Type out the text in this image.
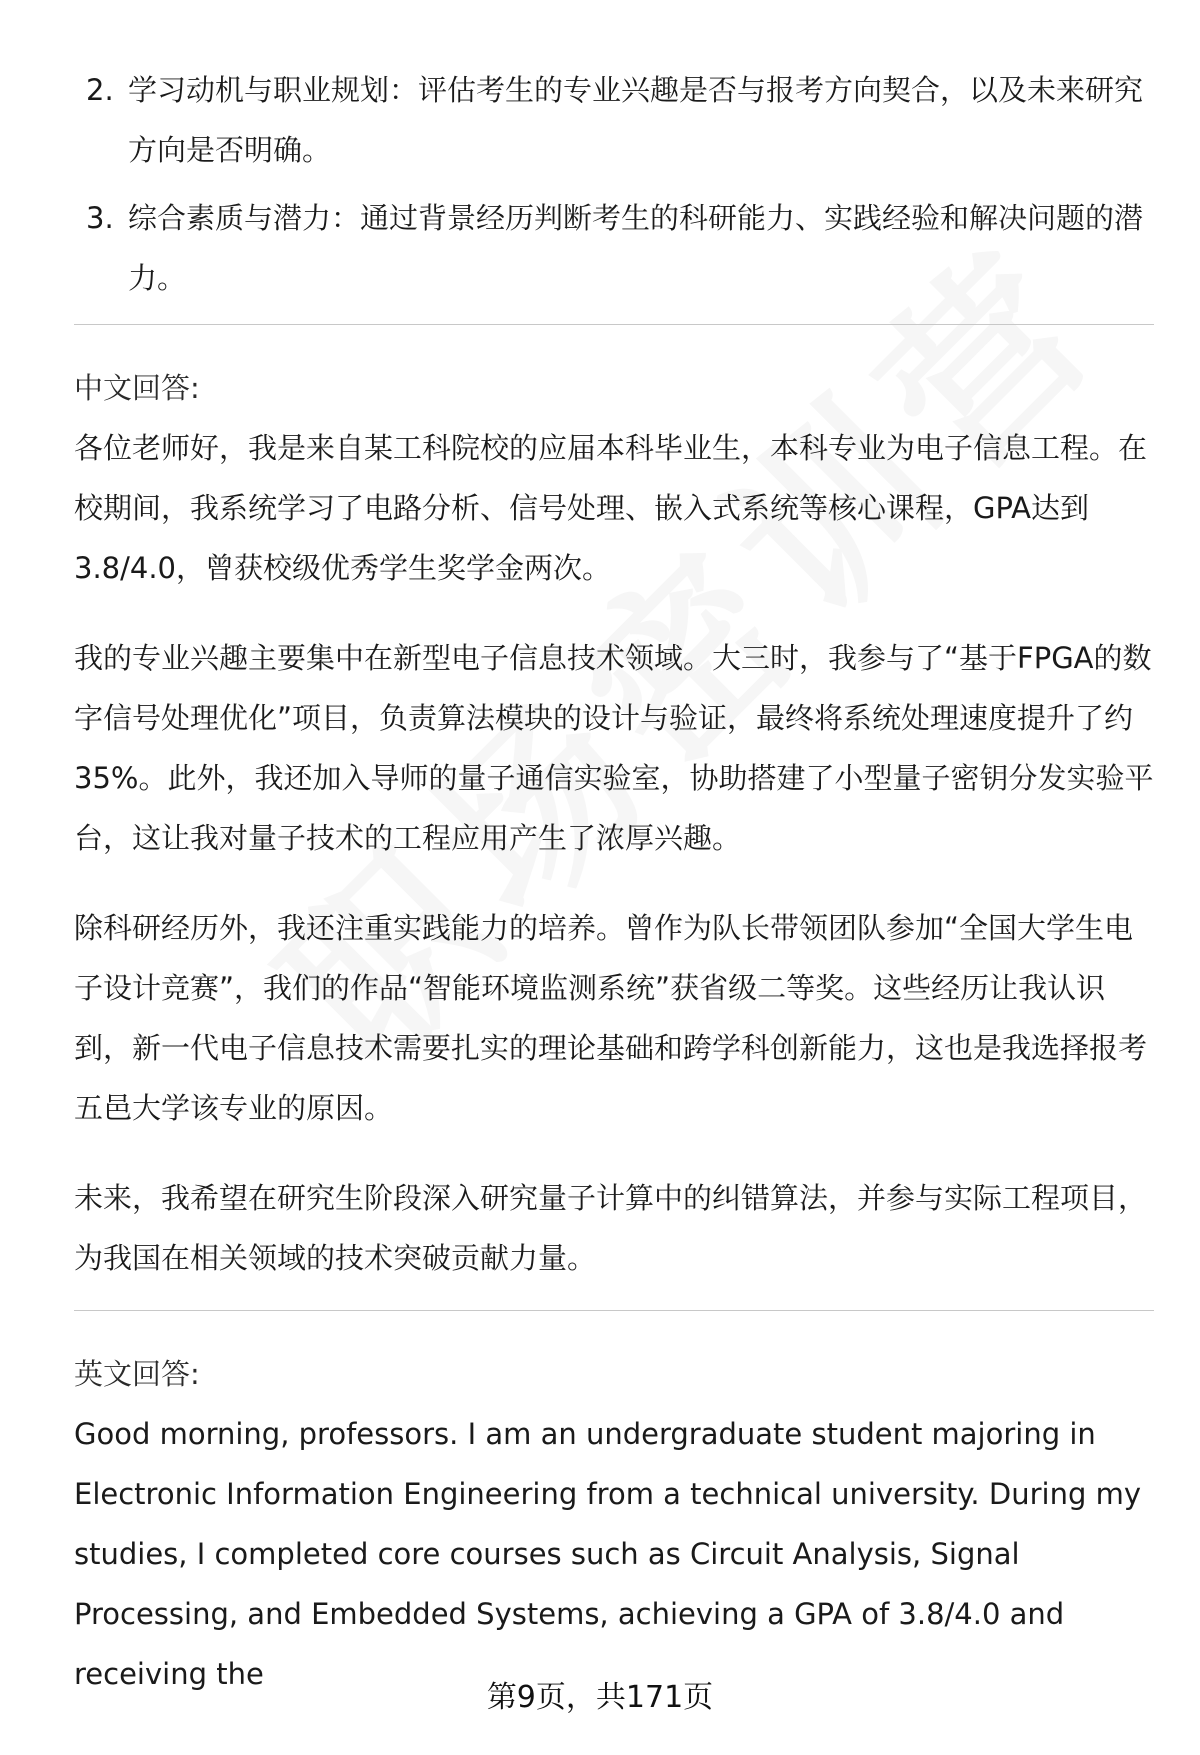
2. 学习动机与职业规划：评估考生的专业兴趣是否与报考方向契合，以及未来研究方向是否明确。
3. 综合素质与潜力：通过背景经历判断考生的科研能力、实践经验和解决问题的潜力。
中文回答:

各位老师好，我是来自某工科院校的应届本科毕业生，本科专业为电子信息工程。在校期间，我系统学习了电路分析、信号处理、嵌入式系统等核心课程，GPA达到3.8/4.0，曾获校级优秀学生奖学金两次。

我的专业兴趣主要集中在新型电子信息技术领域。大三时，我参与了“基于FPGA的数字信号处理优化”项目，负责算法模块的设计与验证，最终将系统处理速度提升了约35%。此外，我还加入导师的量子通信实验室，协助搭建了小型量子密钥分发实验平台，这让我对量子技术的工程应用产生了浓厚兴趣。

除科研经历外，我还注重实践能力的培养。曾作为队长带领团队参加“全国大学生电子设计竞赛”，我们的作品“智能环境监测系统”获省级二等奖。这些经历让我认识到，新一代电子信息技术需要扎实的理论基础和跨学科创新能力，这也是我选择报考五邑大学该专业的原因。

未来，我希望在研究生阶段深入研究量子计算中的纠错算法，并参与实际工程项目，为我国在相关领域的技术突破贡献力量。

英文回答:

Good morning, professors. I am an undergraduate student majoring in Electronic Information Engineering from a technical university. During my studies, I completed core courses such as Circuit Analysis, Signal Processing, and Embedded Systems, achieving a GPA of 3.8/4.0 and receiving the

第9页，共171页
